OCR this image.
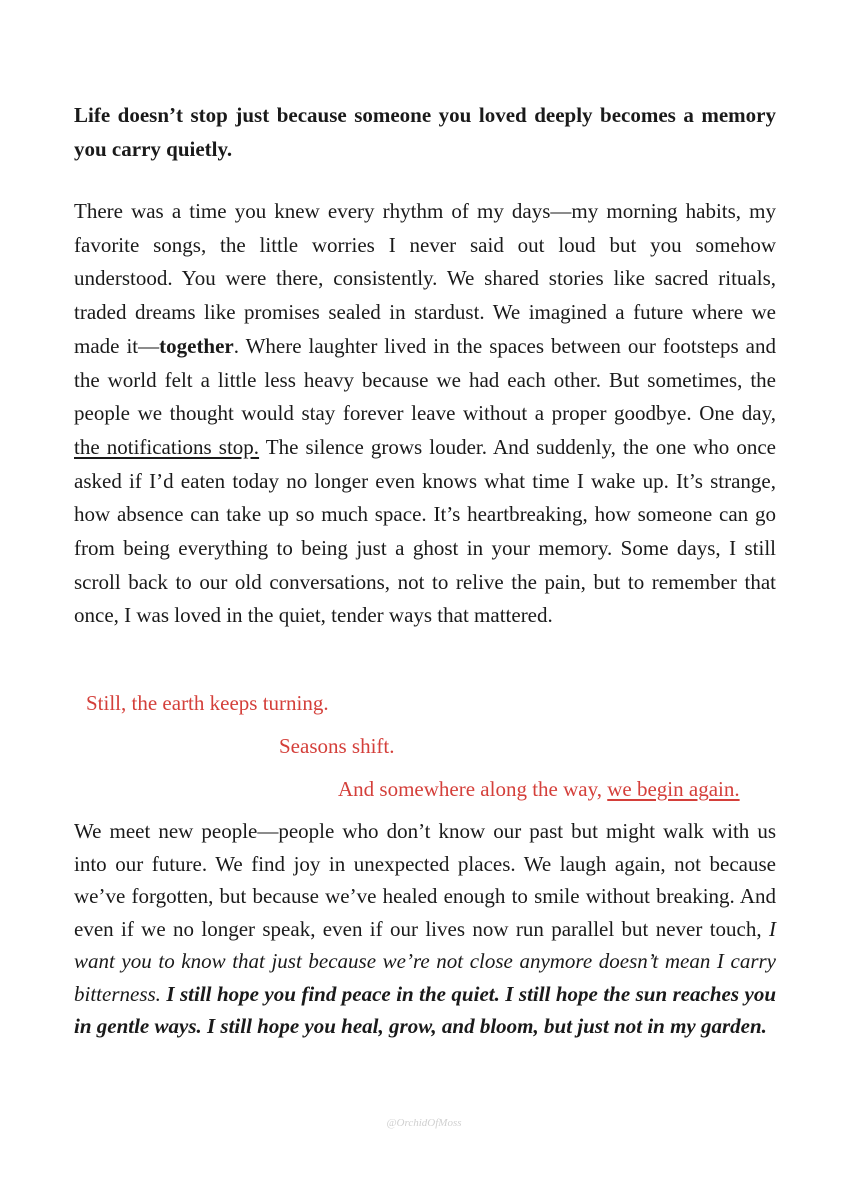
Life doesn’t stop just because someone you loved deeply becomes a memory you carry quietly.

There was a time you knew every rhythm of my days—my morning habits, my favorite songs, the little worries I never said out loud but you somehow understood. You were there, consistently. We shared stories like sacred rituals, traded dreams like promises sealed in stardust. We imagined a future where we made it—together. Where laughter lived in the spaces between our footsteps and the world felt a little less heavy because we had each other. But sometimes, the people we thought would stay forever leave without a proper goodbye. One day, the notifications stop. The silence grows louder. And suddenly, the one who once asked if I’d eaten today no longer even knows what time I wake up. It’s strange, how absence can take up so much space. It’s heartbreaking, how someone can go from being everything to being just a ghost in your memory. Some days, I still scroll back to our old conversations, not to relive the pain, but to remember that once, I was loved in the quiet, tender ways that mattered.

Still, the earth keeps turning.

Seasons shift.

And somewhere along the way, we begin again.

We meet new people—people who don’t know our past but might walk with us into our future. We find joy in unexpected places. We laugh again, not because we’ve forgotten, but because we’ve healed enough to smile without breaking. And even if we no longer speak, even if our lives now run parallel but never touch, I want you to know that just because we’re not close anymore doesn’t mean I carry bitterness. I still hope you find peace in the quiet. I still hope the sun reaches you in gentle ways. I still hope you heal, grow, and bloom, but just not in my garden.

@OrchidOfMoss
